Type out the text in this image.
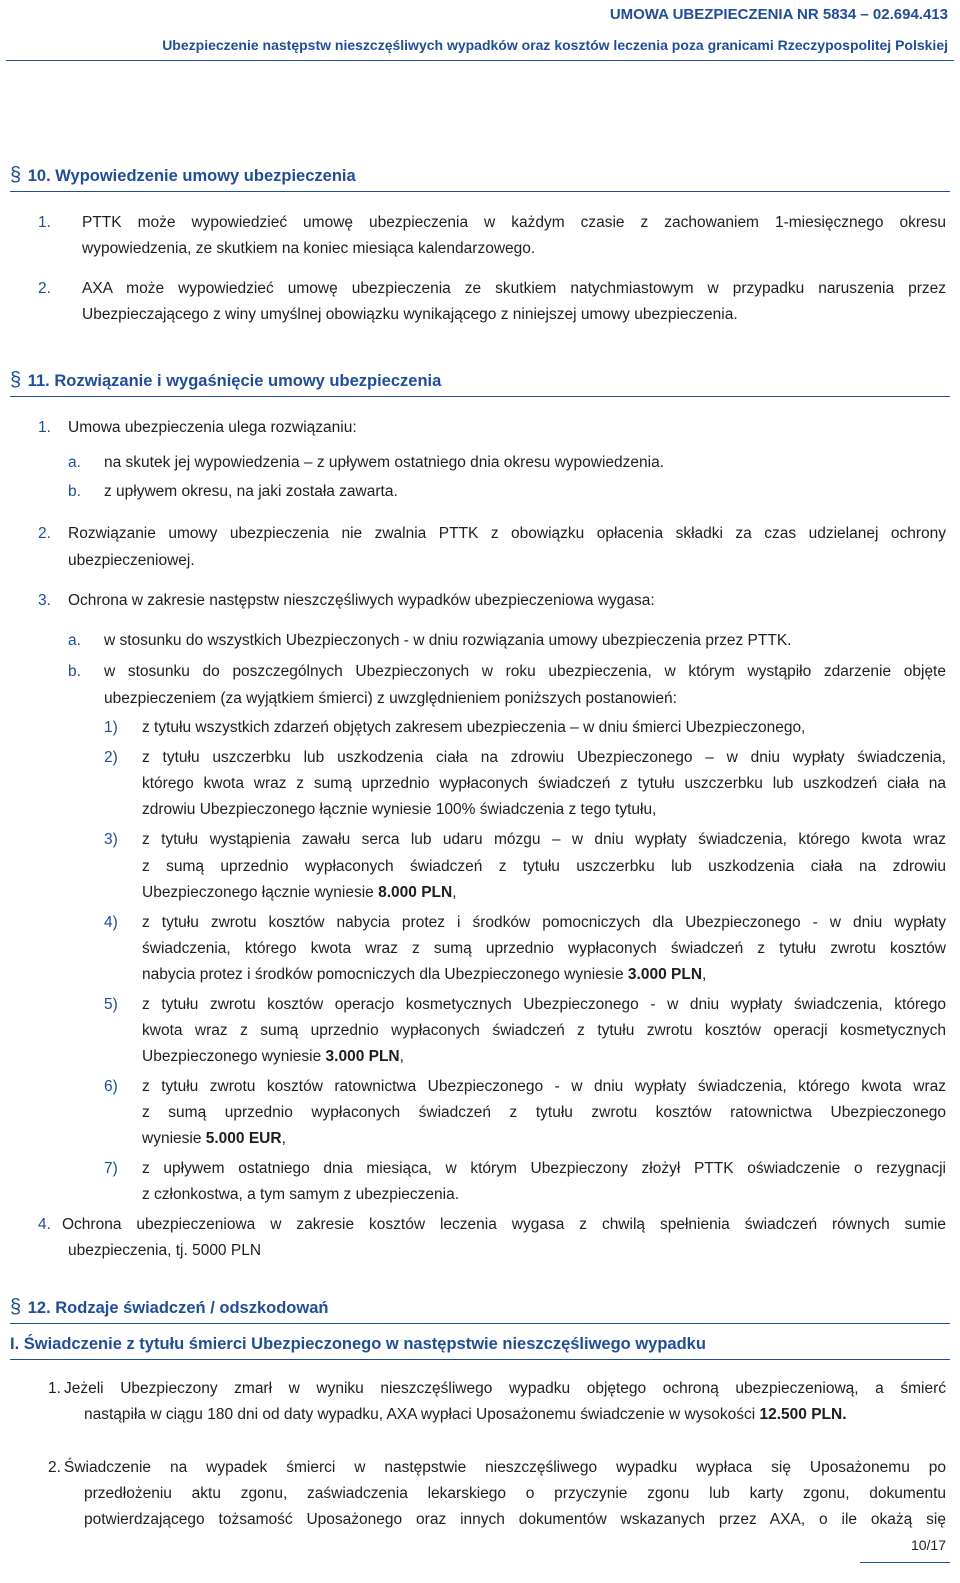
UMOWA UBEZPIECZENIA NR 5834 – 02.694.413
Ubezpieczenie następstw nieszczęśliwych wypadków oraz kosztów leczenia poza granicami Rzeczypospolitej Polskiej
§ 10. Wypowiedzenie umowy ubezpieczenia
1. PTTK może wypowiedzieć umowę ubezpieczenia w każdym czasie z zachowaniem 1-miesięcznego okresu
wypowiedzenia, ze skutkiem na koniec miesiąca kalendarzowego.
2. AXA może wypowiedzieć umowę ubezpieczenia ze skutkiem natychmiastowym w przypadku naruszenia przez
Ubezpieczającego z winy umyślnej obowiązku wynikającego z niniejszej umowy ubezpieczenia.
§ 11. Rozwiązanie i wygaśnięcie umowy ubezpieczenia
1. Umowa ubezpieczenia ulega rozwiązaniu:
a. na skutek jej wypowiedzenia – z upływem ostatniego dnia okresu wypowiedzenia.
b. z upływem okresu, na jaki została zawarta.
2. Rozwiązanie umowy ubezpieczenia nie zwalnia PTTK z obowiązku opłacenia składki za czas udzielanej ochrony
ubezpieczeniowej.
3. Ochrona w zakresie następstw nieszczęśliwych wypadków ubezpieczeniowa wygasa:
a. w stosunku do wszystkich Ubezpieczonych - w dniu rozwiązania umowy ubezpieczenia przez PTTK.
b. w stosunku do poszczególnych Ubezpieczonych w roku ubezpieczenia, w którym wystąpiło zdarzenie objęte
ubezpieczeniem (za wyjątkiem śmierci) z uwzględnieniem poniższych postanowień:
1) z tytułu wszystkich zdarzeń objętych zakresem ubezpieczenia – w dniu śmierci Ubezpieczonego,
2) z tytułu uszczerbku lub uszkodzenia ciała na zdrowiu Ubezpieczonego – w dniu wypłaty świadczenia,
którego kwota wraz z sumą uprzednio wypłaconych świadczeń z tytułu uszczerbku lub uszkodzeń ciała na
zdrowiu Ubezpieczonego łącznie wyniesie 100% świadczenia z tego tytułu,
3) z tytułu wystąpienia zawału serca lub udaru mózgu – w dniu wypłaty świadczenia, którego kwota wraz
z sumą uprzednio wypłaconych świadczeń z tytułu uszczerbku lub uszkodzenia ciała na zdrowiu
Ubezpieczonego łącznie wyniesie 8.000 PLN,
4) z tytułu zwrotu kosztów nabycia protez i środków pomocniczych dla Ubezpieczonego - w dniu wypłaty
świadczenia, którego kwota wraz z sumą uprzednio wypłaconych świadczeń z tytułu zwrotu kosztów
nabycia protez i środków pomocniczych dla Ubezpieczonego wyniesie 3.000 PLN,
5) z tytułu zwrotu kosztów operacjo kosmetycznych Ubezpieczonego - w dniu wypłaty świadczenia, którego
kwota wraz z sumą uprzednio wypłaconych świadczeń z tytułu zwrotu kosztów operacji kosmetycznych
Ubezpieczonego wyniesie 3.000 PLN,
6) z tytułu zwrotu kosztów ratownictwa Ubezpieczonego - w dniu wypłaty świadczenia, którego kwota wraz
z sumą uprzednio wypłaconych świadczeń z tytułu zwrotu kosztów ratownictwa Ubezpieczonego
wyniesie 5.000 EUR,
7) z upływem ostatniego dnia miesiąca, w którym Ubezpieczony złożył PTTK oświadczenie o rezygnacji
z członkostwa, a tym samym z ubezpieczenia.
4. Ochrona ubezpieczeniowa w zakresie kosztów leczenia wygasa z chwilą spełnienia świadczeń równych sumie
ubezpieczenia, tj. 5000 PLN
§ 12. Rodzaje świadczeń / odszkodowań
I. Świadczenie z tytułu śmierci Ubezpieczonego w następstwie nieszczęśliwego wypadku
1. Jeżeli Ubezpieczony zmarł w wyniku nieszczęśliwego wypadku objętego ochroną ubezpieczeniową, a śmierć
nastąpiła w ciągu 180 dni od daty wypadku, AXA wypłaci Uposażonemu świadczenie w wysokości 12.500 PLN.
2. Świadczenie na wypadek śmierci w następstwie nieszczęśliwego wypadku wypłaca się Uposażonemu po
przedłożeniu aktu zgonu, zaświadczenia lekarskiego o przyczynie zgonu lub karty zgonu, dokumentu
potwierdzającego tożsamość Uposażonego oraz innych dokumentów wskazanych przez AXA, o ile okażą się
10/17
